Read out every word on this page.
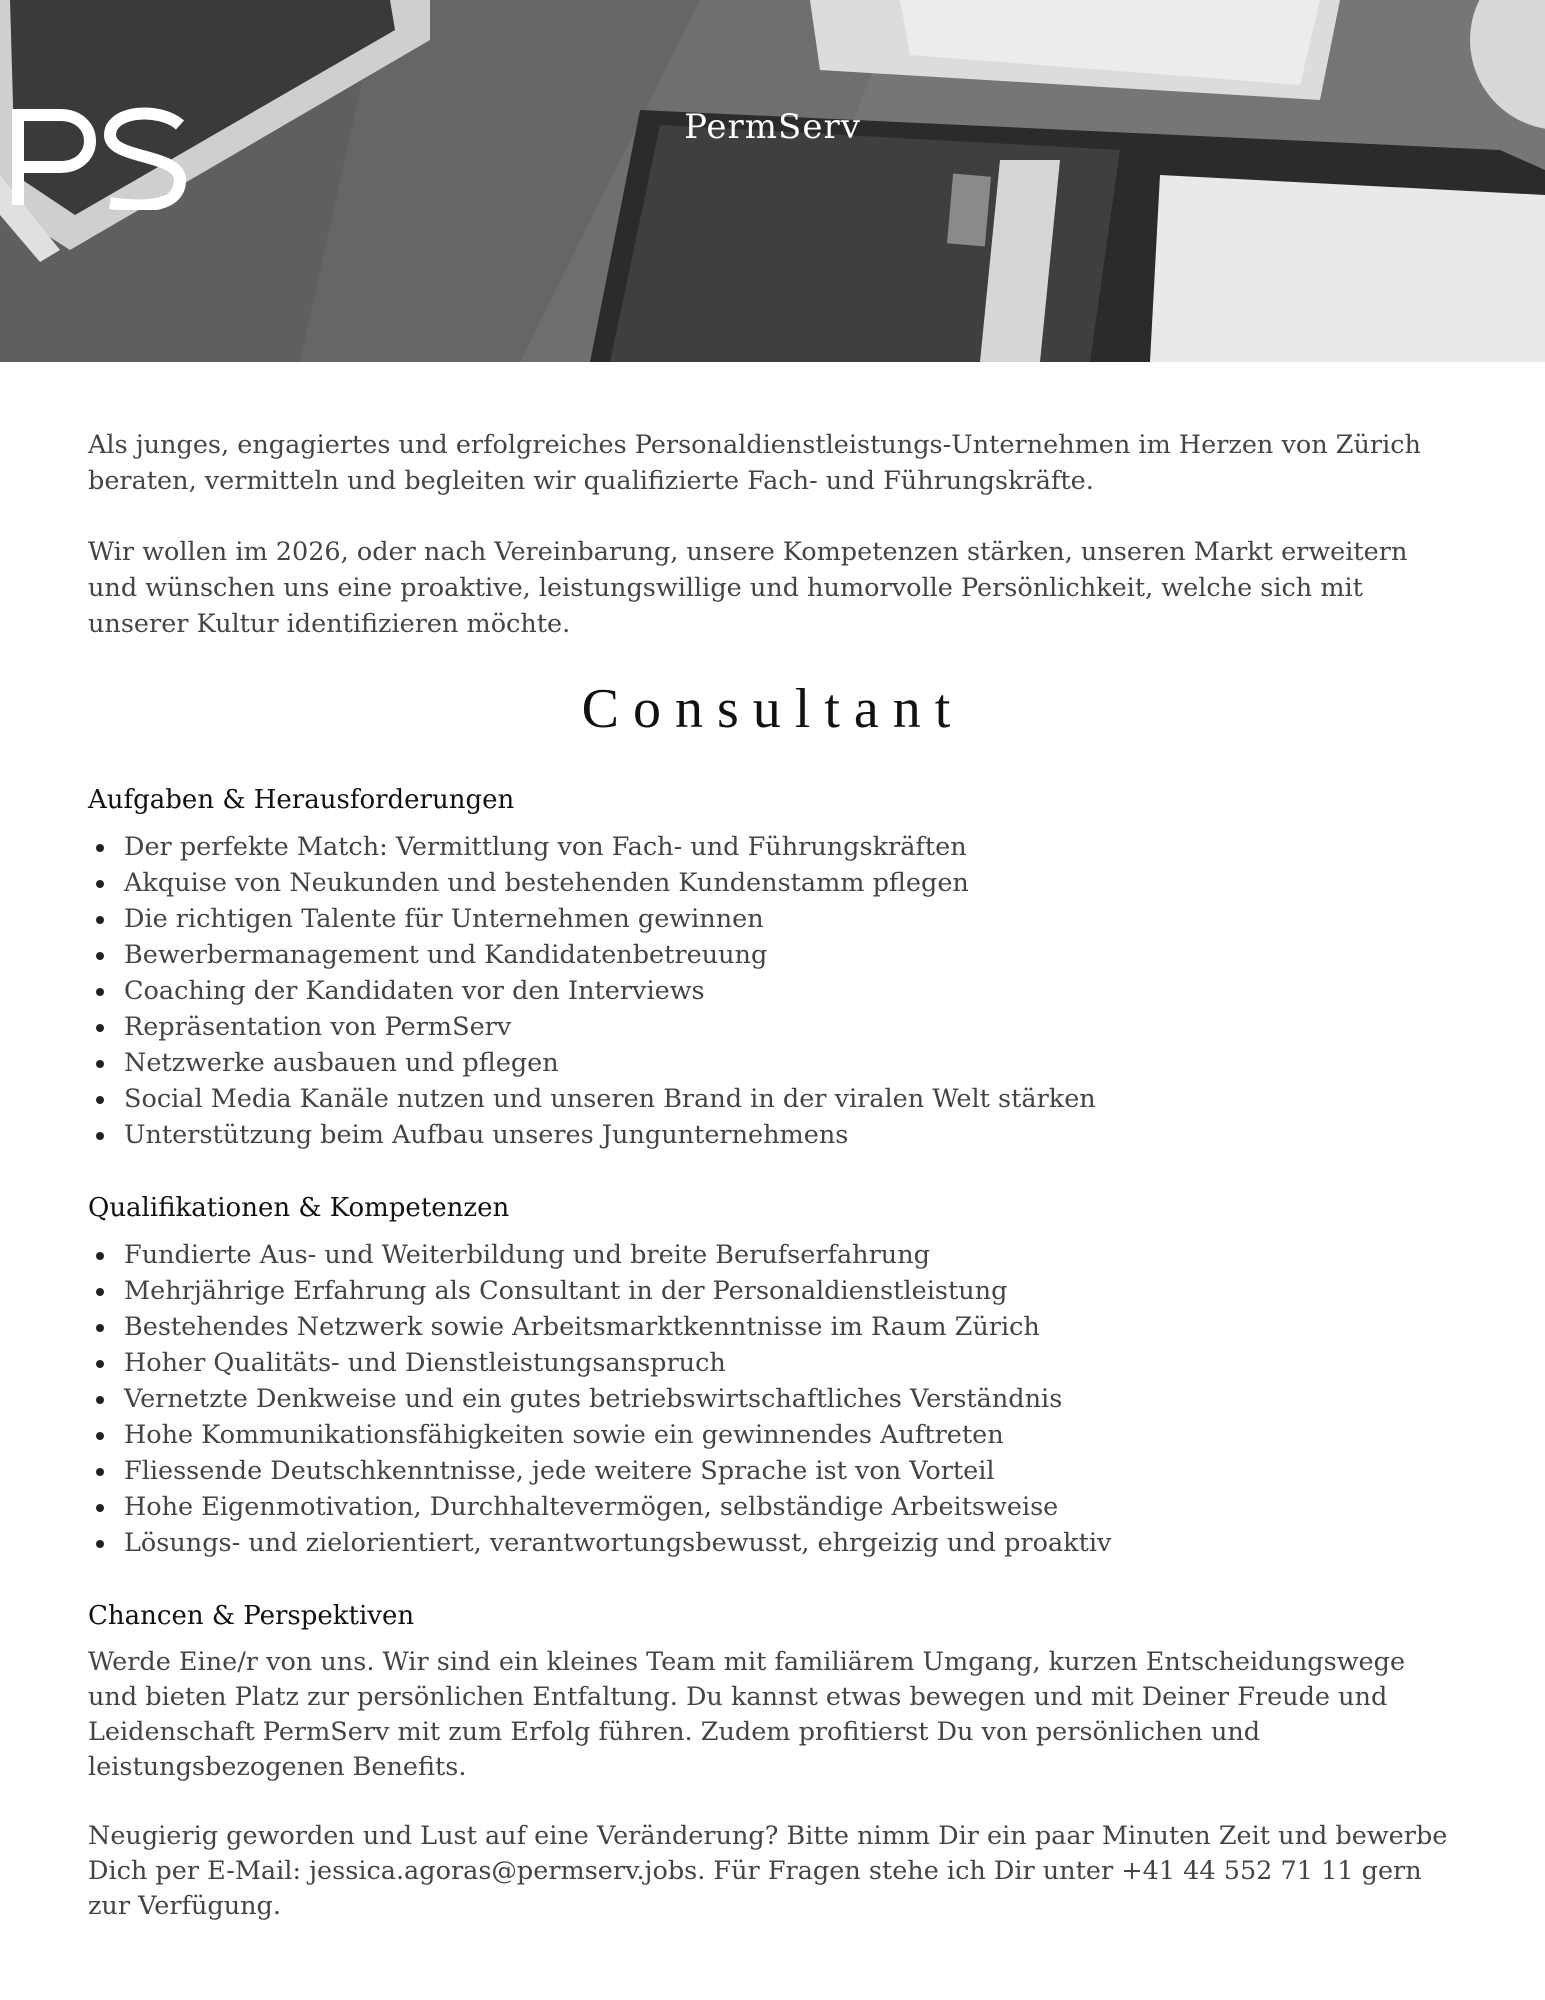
PermServ

Als junges, engagiertes und erfolgreiches Personaldienstleistungs-Unternehmen im Herzen von Zürich beraten, vermitteln und begleiten wir qualifizierte Fach- und Führungskräfte.

Wir wollen im 2026, oder nach Vereinbarung, unsere Kompetenzen stärken, unseren Markt erweitern und wünschen uns eine proaktive, leistungswillige und humorvolle Persönlichkeit, welche sich mit unserer Kultur identifizieren möchte.

Consultant
Aufgaben & Herausforderungen
Der perfekte Match: Vermittlung von Fach- und Führungskräften
Akquise von Neukunden und bestehenden Kundenstamm pflegen
Die richtigen Talente für Unternehmen gewinnen
Bewerbermanagement und Kandidatenbetreuung
Coaching der Kandidaten vor den Interviews
Repräsentation von PermServ
Netzwerke ausbauen und pflegen
Social Media Kanäle nutzen und unseren Brand in der viralen Welt stärken
Unterstützung beim Aufbau unseres Jungunternehmens
Qualifikationen & Kompetenzen
Fundierte Aus- und Weiterbildung und breite Berufserfahrung
Mehrjährige Erfahrung als Consultant in der Personaldienstleistung
Bestehendes Netzwerk sowie Arbeitsmarktkenntnisse im Raum Zürich
Hoher Qualitäts- und Dienstleistungsanspruch
Vernetzte Denkweise und ein gutes betriebswirtschaftliches Verständnis
Hohe Kommunikationsfähigkeiten sowie ein gewinnendes Auftreten
Fliessende Deutschkenntnisse, jede weitere Sprache ist von Vorteil
Hohe Eigenmotivation, Durchhaltevermögen, selbständige Arbeitsweise
Lösungs- und zielorientiert, verantwortungsbewusst, ehrgeizig und proaktiv
Chancen & Perspektiven

Werde Eine/r von uns. Wir sind ein kleines Team mit familiärem Umgang, kurzen Entscheidungswege und bieten Platz zur persönlichen Entfaltung. Du kannst etwas bewegen und mit Deiner Freude und Leidenschaft PermServ mit zum Erfolg führen. Zudem profitierst Du von persönlichen und leistungsbezogenen Benefits.

Neugierig geworden und Lust auf eine Veränderung? Bitte nimm Dir ein paar Minuten Zeit und bewerbe Dich per E-Mail: jessica.agoras@permserv.jobs. Für Fragen stehe ich Dir unter +41 44 552 71 11 gern zur Verfügung.
